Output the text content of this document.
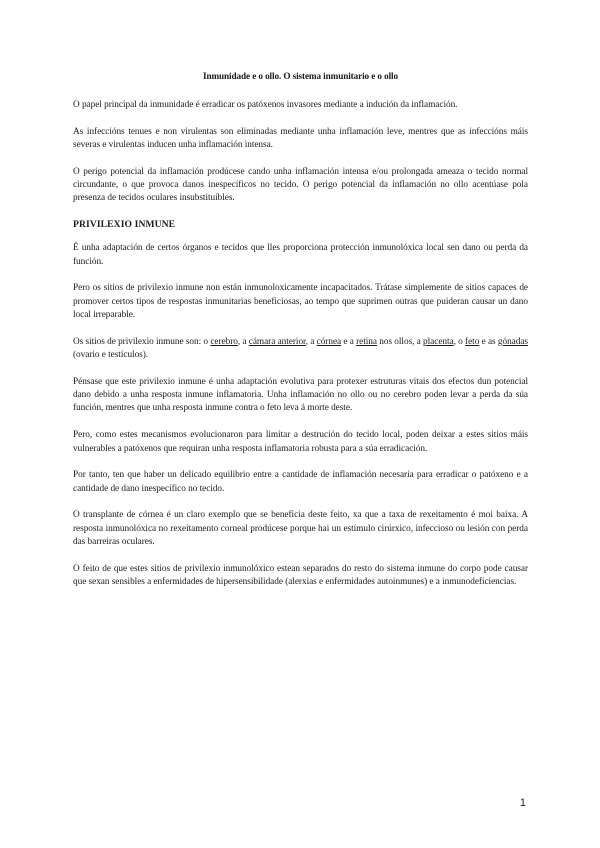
Inmunidade e o ollo. O sistema inmunitario e o ollo

O papel principal da inmunidade é erradicar os patóxenos invasores mediante a indución da inflamación.

As infeccións tenues e non virulentas son eliminadas mediante unha inflamación leve, mentres que as infeccións máis severas e virulentas inducen unha inflamación intensa.

O perigo potencial da inflamación prodúcese cando unha inflamación intensa e/ou prolongada ameaza o tecido normal circundante, o que provoca danos inespecíficos no tecido. O perigo potencial da inflamación no ollo acentúase pola presenza de tecidos oculares insubstituíbles.

PRIVILEXIO INMUNE

É unha adaptación de certos órganos e tecidos que lles proporciona protección inmunolóxica local sen dano ou perda da función.

Pero os sitios de privilexio inmune non están inmunoloxicamente incapacitados. Trátase simplemente de sitios capaces de promover certos tipos de respostas inmunitarias beneficiosas, ao tempo que suprimen outras que puideran causar un dano local irreparable.

Os sitios de privilexio inmune son: o cerebro, a cámara anterior, a córnea e a retina nos ollos, a placenta, o feto e as gónadas (ovario e testículos).

Pénsase que este privilexio inmune é unha adaptación evolutiva para protexer estruturas vitais dos efectos dun potencial dano debido a unha resposta inmune inflamatoria. Unha inflamación no ollo ou no cerebro poden levar a perda da súa función, mentres que unha resposta inmune contra o feto leva á morte deste.

Pero, como estes mecanismos evolucionaron para limitar a destrución do tecido local, poden deixar a estes sitios máis vulnerables a patóxenos que requiran unha resposta inflamatoria robusta para a súa erradicación.

Por tanto, ten que haber un delicado equilibrio entre a cantidade de inflamación necesaria para erradicar o patóxeno e a cantidade de dano inespecífico no tecido.

O transplante de córnea é un claro exemplo que se beneficia deste feito, xa que a taxa de rexeitamento é moi baixa. A resposta inmunolóxica no rexeitamento corneal prodúcese porque hai un estímulo cirúrxico, infeccioso ou lesión con perda das barreiras oculares.

O feito de que estes sitios de privilexio inmunolóxico estean separados do resto do sistema inmune do corpo pode causar que sexan sensibles a enfermidades de hipersensibilidade (alerxias e enfermidades autoinmunes) e a inmunodeficiencias.

1
